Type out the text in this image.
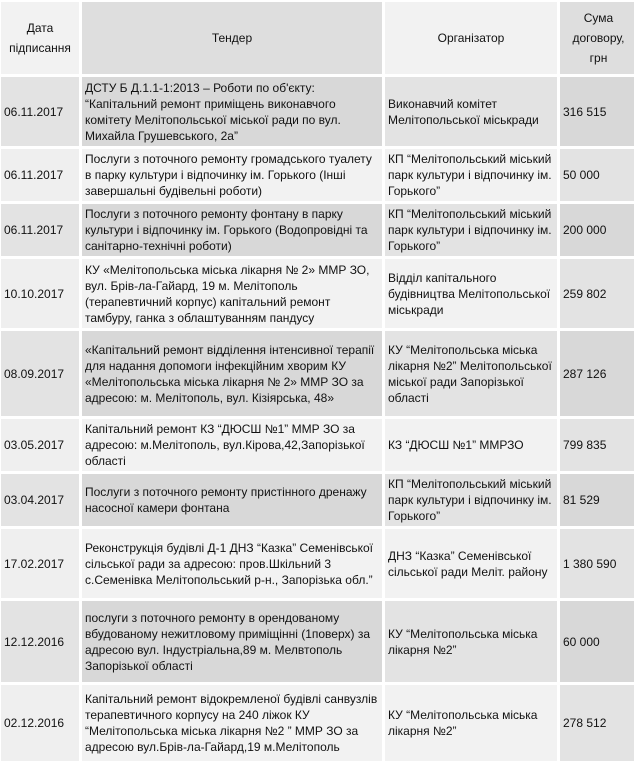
Дата підписання	Тендер	Організатор	Сума договору, грн
06.11.2017	ДСТУ Б Д.1.1-1:2013 – Роботи по об'єкту: “Капітальний ремонт приміщень виконавчого комітету Мелітопольської міської ради по вул. Михайла Грушевського, 2а”	Виконавчий комітет Мелітопольської міськради	316 515
06.11.2017	Послуги з поточного ремонту громадського туалету в парку культури і відпочинку ім. Горького (Інші завершальні будівельні роботи)	КП “Мелітопольський міський парк культури і відпочинку ім. Горького”	50 000
06.11.2017	Послуги з поточного ремонту фонтану в парку культури і відпочинку ім. Горького (Водопровідні та санітарно-технічні роботи)	КП “Мелітопольський міський парк культури і відпочинку ім. Горького”	200 000
10.10.2017	КУ «Мелітопольська міська лікарня № 2» ММР ЗО, вул. Брів-ла-Гайард, 19 м. Мелітополь (терапевтичний корпус) капітальний ремонт тамбуру, ганка з облаштуванням пандусу	Відділ капітального будівництва Мелітопольської міськради	259 802
08.09.2017	«Капітальний ремонт відділення інтенсивної терапії для надання допомоги інфекційним хворим КУ «Мелітопольська міська лікарня № 2» ММР ЗО за адресою: м. Мелітополь, вул. Кізіярська, 48»	КУ “Мелітопольська міська лікарня №2” Мелітопольської міської ради Запорізької області	287 126
03.05.2017	Капітальний ремонт КЗ “ДЮСШ №1” ММР ЗО за адресою: м.Мелітополь, вул.Кірова,42,Запорізької області	КЗ “ДЮСШ №1” ММРЗО	799 835
03.04.2017	Послуги з поточного ремонту пристінного дренажу насосної камери фонтана	КП “Мелітопольський міський парк культури і відпочинку ім. Горького”	81 529
17.02.2017	Реконструкція будівлі Д-1 ДНЗ “Казка” Семенівської сільської ради за адресою: пров.Шкільний 3 с.Семенівка Мелітопольський р-н., Запорізька обл.”	ДНЗ “Казка” Семенівської сільської ради Меліт. району	1 380 590
12.12.2016	послуги з поточного ремонту в орендованому вбудованому нежитловому приміщінні (1поверх) за адресою вул. Індустріальна,89 м. Мелвтополь Запорізької області	КУ “Мелітопольська міська лікарня №2”	60 000
02.12.2016	Капітальний ремонт відокремленої будівлі санвузлів терапевтичного корпусу на 240 ліжок КУ “Мелітопольська міська лікарня №2 ” ММР ЗО за адресою вул.Брів-ла-Гайард,19 м.Мелітополь	КУ “Мелітопольська міська лікарня №2”	278 512
